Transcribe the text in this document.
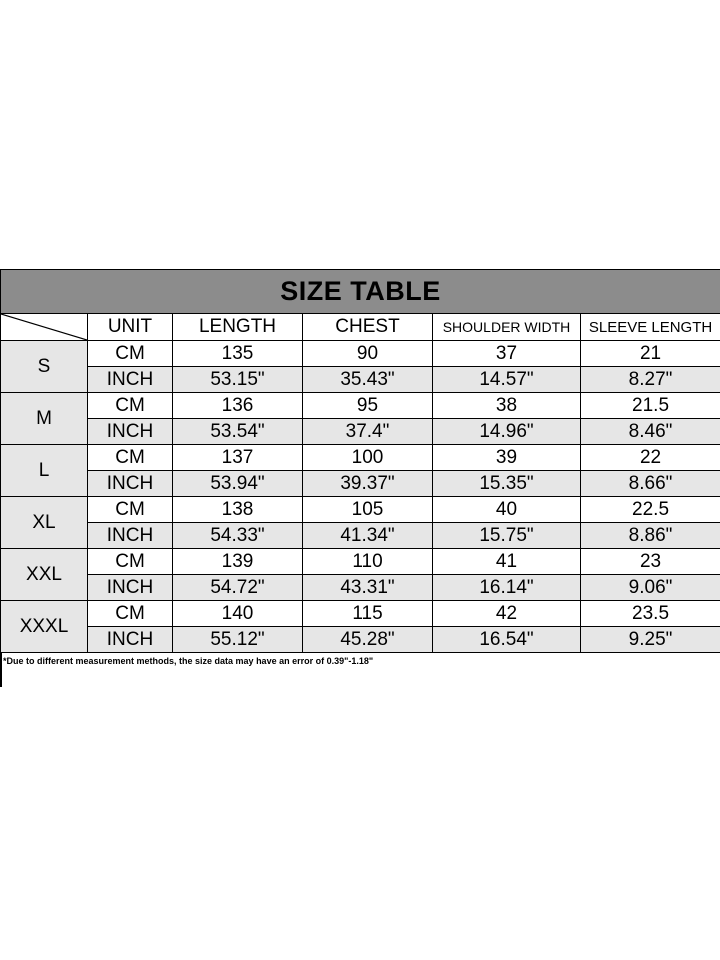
SIZE TABLE					

	UNIT	LENGTH	CHEST	SHOULDER WIDTH	SLEEVE LENGTH
S	CM	135	90	37	21
	INCH	53.15"	35.43"	14.57"	8.27"
M	CM	136	95	38	21.5
	INCH	53.54"	37.4"	14.96"	8.46"
L	CM	137	100	39	22
	INCH	53.94"	39.37"	15.35"	8.66"
XL	CM	138	105	40	22.5
	INCH	54.33"	41.34"	15.75"	8.86"
XXL	CM	139	110	41	23
	INCH	54.72"	43.31"	16.14"	9.06"
XXXL	CM	140	115	42	23.5
	INCH	55.12"	45.28"	16.54"	9.25"
*Due to different measurement methods, the size data may have an error of 0.39"-1.18"
